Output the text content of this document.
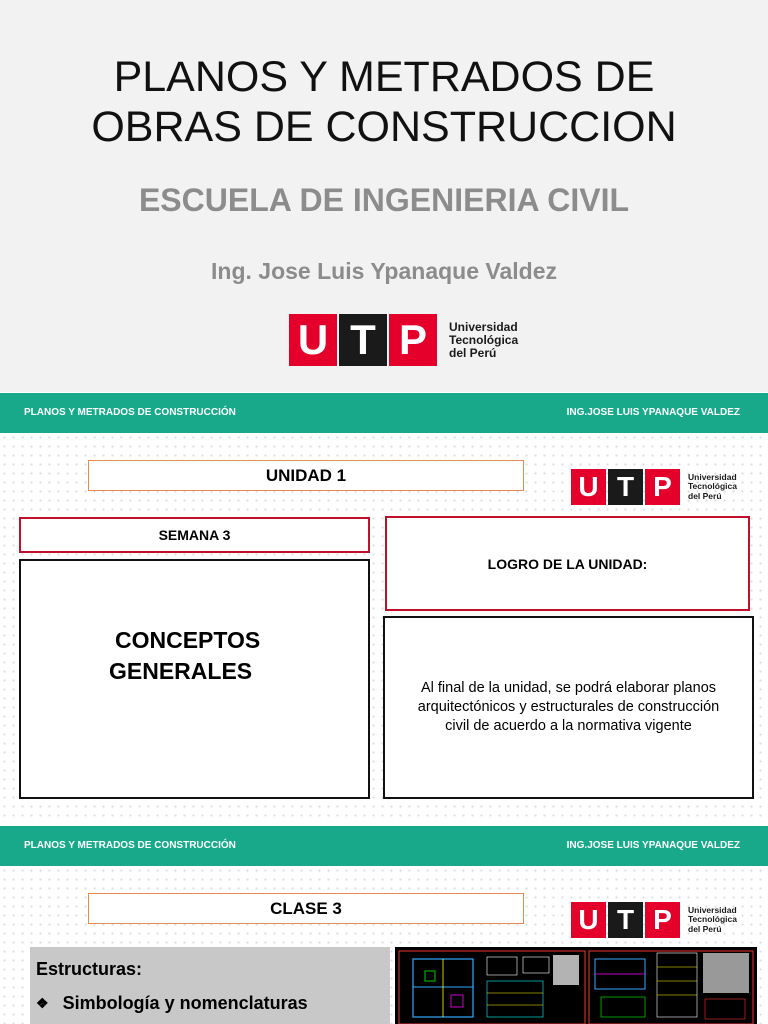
PLANOS Y METRADOS DE
OBRAS DE CONSTRUCCION
ESCUELA DE INGENIERIA CIVIL
Ing. Jose Luis Ypanaque Valdez
U T P	Universidad
Tecnológica
del Perú
PLANOS Y METRADOS DE CONSTRUCCIÓN	ING.JOSE LUIS YPANAQUE VALDEZ
UNIDAD 1	U T P	Universidad
Tecnológica
del Perú
SEMANA 3
CONCEPTOS
GENERALES
LOGRO DE LA UNIDAD:
Al final de la unidad, se podrá elaborar planos arquitectónicos y estructurales de construcción civil de acuerdo a la normativa vigente
PLANOS Y METRADOS DE CONSTRUCCIÓN	ING.JOSE LUIS YPANAQUE VALDEZ
CLASE 3	U T P	Universidad
Tecnológica
del Perú
Estructuras:
❖ Simbología y nomenclaturas
